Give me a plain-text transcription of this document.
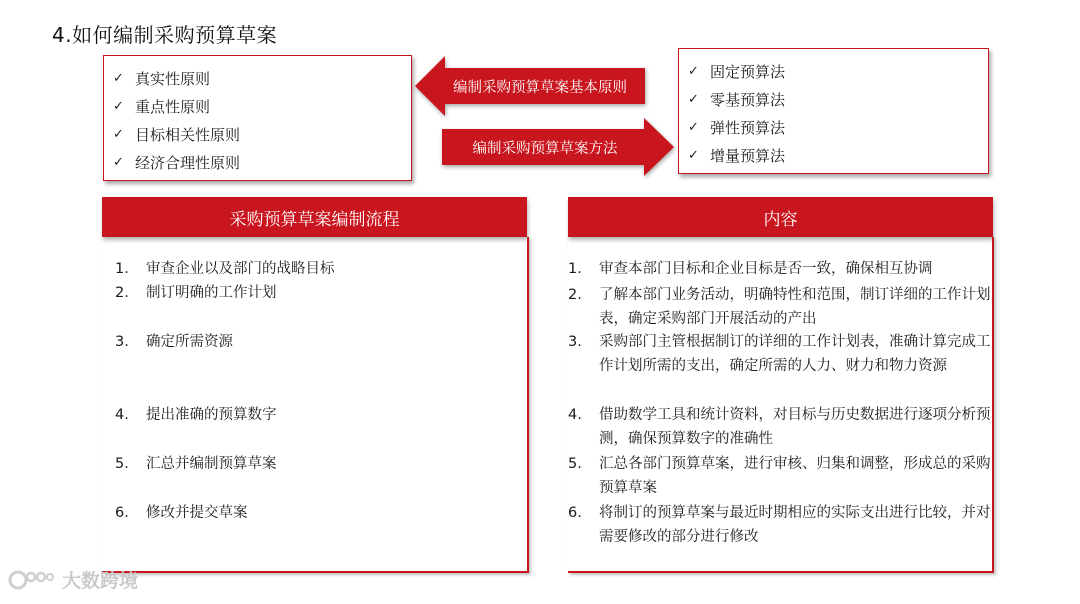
4.如何编制采购预算草案
✓ 真实性原则
✓ 重点性原则
✓ 目标相关性原则
✓ 经济合理性原则
✓ 固定预算法
✓ 零基预算法
✓ 弹性预算法
✓ 增量预算法
编制采购预算草案基本原则
编制采购预算草案方法
采购预算草案编制流程	内容
1. 审查企业以及部门的战略目标
2. 制订明确的工作计划
3. 确定所需资源
4. 提出准确的预算数字
5. 汇总并编制预算草案
6. 修改并提交草案
1. 审查本部门目标和企业目标是否一致，确保相互协调
2. 了解本部门业务活动，明确特性和范围，制订详细的工作计划表，确定采购部门开展活动的产出
3. 采购部门主管根据制订的详细的工作计划表，准确计算完成工作计划所需的支出，确定所需的人力、财力和物力资源
4. 借助数学工具和统计资料，对目标与历史数据进行逐项分析预测，确保预算数字的准确性
5. 汇总各部门预算草案，进行审核、归集和调整，形成总的采购预算草案
6. 将制订的预算草案与最近时期相应的实际支出进行比较，并对需要修改的部分进行修改
大数跨境
